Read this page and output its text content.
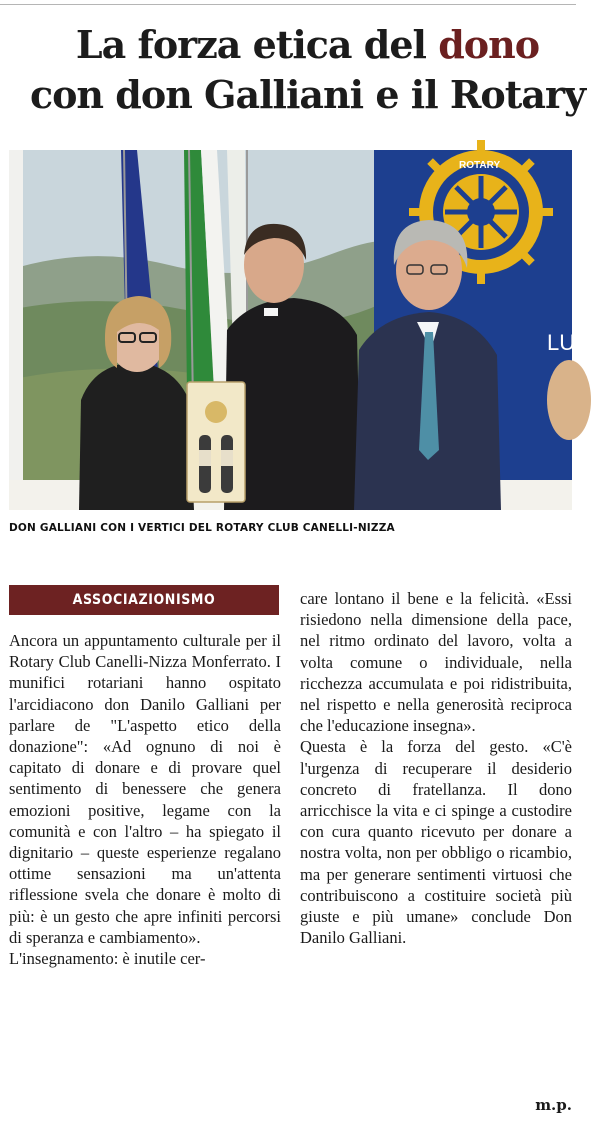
La forza etica del dono
con don Galliani e il Rotary
ROTARY
LU
DON GALLIANI CON I VERTICI DEL ROTARY CLUB CANELLI-NIZZA
ASSOCIAZIONISMO

Ancora un appuntamento culturale per il Rotary Club Canelli-Nizza Monferrato. I munifici rotariani hanno ospitato l'arcidiacono don Danilo Galliani per parlare de "L'aspetto etico della donazione": «Ad ognuno di noi è capitato di donare e di provare quel sentimento di benessere che genera emozioni positive, legame con la comunità e con l'altro – ha spiegato il dignitario – queste esperienze regalano ottime sensazioni ma un'attenta riflessione svela che donare è molto di più: è un gesto che apre infiniti percorsi di speranza e cambiamento».

L'insegnamento: è inutile cer-

care lontano il bene e la felicità. «Essi risiedono nella dimensione della pace, nel ritmo ordinato del lavoro, volta a volta comune o individuale, nella ricchezza accumulata e poi ridistribuita, nel rispetto e nella generosità reciproca che l'educazione insegna».

Questa è la forza del gesto. «C'è l'urgenza di recuperare il desiderio concreto di fratellanza. Il dono arricchisce la vita e ci spinge a custodire con cura quanto ricevuto per donare a nostra volta, non per obbligo o ricambio, ma per generare sentimenti virtuosi che contribuiscono a costituire società più giuste e più umane» conclude Don Danilo Galliani.

m.p.
